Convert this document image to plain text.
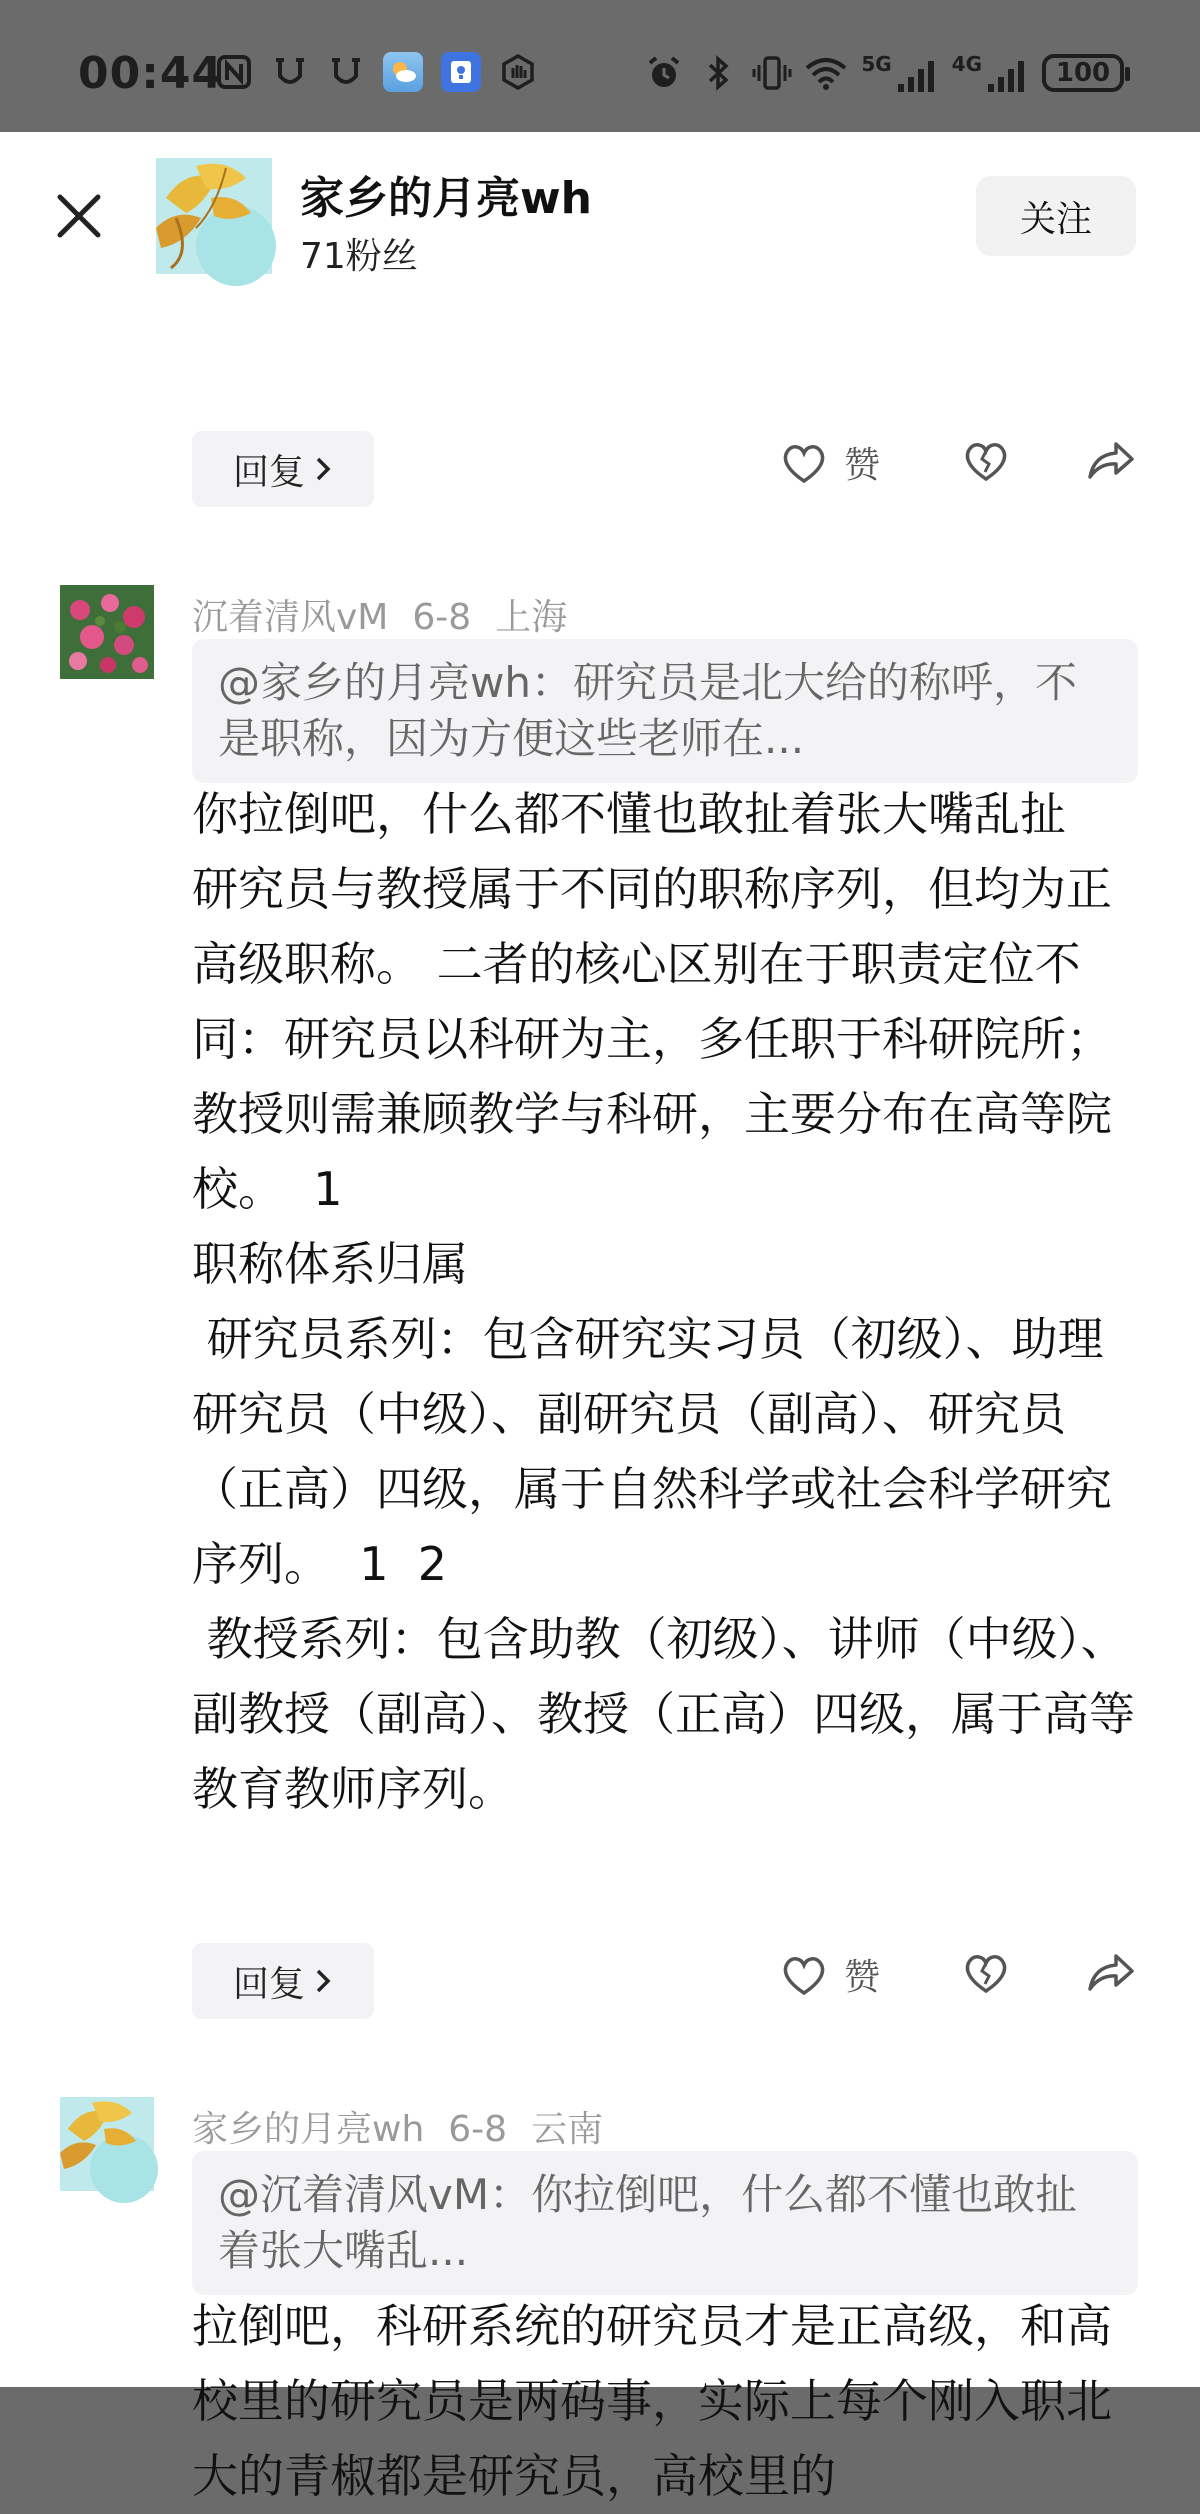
00:44	5G	4G	100
家乡的月亮wh
71粉丝
关注
回复	赞
沉着清风vM 6-8 上海
@家乡的月亮wh：研究员是北大给的称呼，不是职称，因为方便这些老师在...
你拉倒吧，什么都不懂也敢扯着张大嘴乱扯
研究员与教授属于不同的职称序列，但均为正高级职称。 二者的核心区别在于职责定位不同：研究员以科研为主，多任职于科研院所；教授则需兼顾教学与科研，主要分布在高等院校。  1
职称体系归属
研究员系列：包含研究实习员（初级）、助理研究员（中级）、副研究员（副高）、研究员（正高）四级，属于自然科学或社会科学研究序列。  1  2
教授系列：包含助教（初级）、讲师（中级）、副教授（副高）、教授（正高）四级，属于高等教育教师序列。
回复	赞
家乡的月亮wh 6-8 云南
@沉着清风vM：你拉倒吧，什么都不懂也敢扯着张大嘴乱...
拉倒吧，科研系统的研究员才是正高级，和高校里的研究员是两码事，实际上每个刚入职北大的青椒都是研究员，高校里的
